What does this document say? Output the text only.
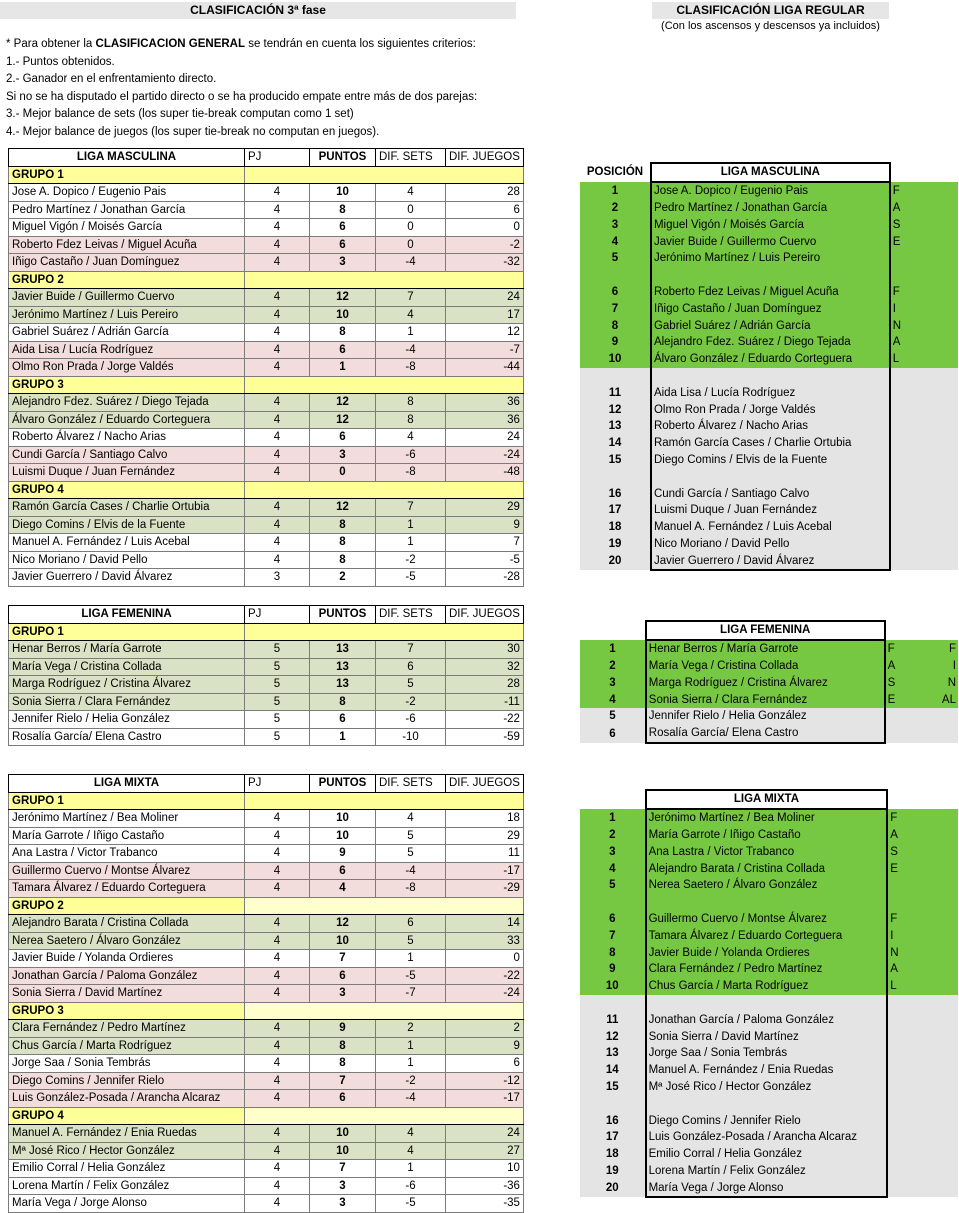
CLASIFICACIÓN 3ª fase	CLASIFICACIÓN LIGA REGULAR
(Con los ascensos y descensos ya incluidos)
* Para obtener la CLASIFICACION GENERAL se tendrán en cuenta los siguientes criterios:
1.- Puntos obtenidos.
2.- Ganador en el enfrentamiento directo.
Si no se ha disputado el partido directo o se ha producido empate entre más de dos parejas:
3.- Mejor balance de sets (los super tie-break computan como 1 set)
4.- Mejor balance de juegos (los super tie-break no computan en juegos).
LIGA MASCULINA	PJ	PUNTOS	DIF. SETS	DIF. JUEGOS
GRUPO 1				
Jose A. Dopico / Eugenio Pais	4	10	4	28
Pedro Martínez / Jonathan García	4	8	0	6
Miguel Vigón / Moisés García	4	6	0	0
Roberto Fdez Leivas / Miguel Acuña	4	6	0	-2
Iñigo Castaño / Juan Domínguez	4	3	-4	-32
GRUPO 2				
Javier Buide / Guillermo Cuervo	4	12	7	24
Jerónimo Martínez / Luis Pereiro	4	10	4	17
Gabriel Suárez / Adrián García	4	8	1	12
Aida Lisa / Lucía Rodríguez	4	6	-4	-7
Olmo Ron Prada / Jorge Valdés	4	1	-8	-44
GRUPO 3				
Alejandro Fdez. Suárez / Diego Tejada	4	12	8	36
Álvaro González / Eduardo Corteguera	4	12	8	36
Roberto Álvarez / Nacho Arias	4	6	4	24
Cundi García / Santiago Calvo	4	3	-6	-24
Luismi Duque / Juan Fernández	4	0	-8	-48
GRUPO 4				
Ramón García Cases / Charlie Ortubia	4	12	7	29
Diego Comins / Elvis de la Fuente	4	8	1	9
Manuel A. Fernández / Luis Acebal	4	8	1	7
Nico Moriano / David Pello	4	8	-2	-5
Javier Guerrero / David Álvarez	3	2	-5	-28
LIGA FEMENINA	PJ	PUNTOS	DIF. SETS	DIF. JUEGOS
GRUPO 1				
Henar Berros / María Garrote	5	13	7	30
María Vega / Cristina Collada	5	13	6	32
Marga Rodríguez / Cristina Álvarez	5	13	5	28
Sonia Sierra / Clara Fernández	5	8	-2	-11
Jennifer Rielo / Helia González	5	6	-6	-22
Rosalía García/ Elena Castro	5	1	-10	-59
LIGA MIXTA	PJ	PUNTOS	DIF. SETS	DIF. JUEGOS
GRUPO 1				
Jerónimo Martínez / Bea Moliner	4	10	4	18
María Garrote / Iñigo Castaño	4	10	5	29
Ana Lastra / Victor Trabanco	4	9	5	11
Guillermo Cuervo / Montse Álvarez	4	6	-4	-17
Tamara Álvarez / Eduardo Corteguera	4	4	-8	-29
GRUPO 2				
Alejandro Barata / Cristina Collada	4	12	6	14
Nerea Saetero / Álvaro González	4	10	5	33
Javier Buide / Yolanda Ordieres	4	7	1	0
Jonathan García / Paloma González	4	6	-5	-22
Sonia Sierra / David Martínez	4	3	-7	-24
GRUPO 3				
Clara Fernández / Pedro Martínez	4	9	2	2
Chus García / Marta Rodríguez	4	8	1	9
Jorge Saa / Sonia Tembrás	4	8	1	6
Diego Comins / Jennifer Rielo	4	7	-2	-12
Luis González-Posada / Arancha Alcaraz	4	6	-4	-17
GRUPO 4				
Manuel A. Fernández / Enia Ruedas	4	10	4	24
Mª José Rico / Hector González	4	10	4	27
Emilio Corral / Helia González	4	7	1	10
Lorena Martín / Felix González	4	3	-6	-36
María Vega / Jorge Alonso	4	3	-5	-35
POSICIÓN	LIGA MASCULINA		
1	Jose A. Dopico / Eugenio Pais	F	
2	Pedro Martínez / Jonathan García	A	
3	Miguel Vigón / Moisés García	S	
4	Javier Buide / Guillermo Cuervo	E	
5	Jerónimo Martínez / Luis Pereiro		

6	Roberto Fdez Leivas / Miguel Acuña	F	
7	Iñigo Castaño / Juan Domínguez	I	
8	Gabriel Suárez / Adrián García	N	
9	Alejandro Fdez. Suárez / Diego Tejada	A	
10	Álvaro González / Eduardo Corteguera	L	

11	Aida Lisa / Lucía Rodríguez		
12	Olmo Ron Prada / Jorge Valdés		
13	Roberto Álvarez / Nacho Arias		
14	Ramón García Cases / Charlie Ortubia		
15	Diego Comins / Elvis de la Fuente		

16	Cundi García / Santiago Calvo		
17	Luismi Duque / Juan Fernández		
18	Manuel A. Fernández / Luis Acebal		
19	Nico Moriano / David Pello		
20	Javier Guerrero / David Álvarez		
	LIGA FEMENINA		
1	Henar Berros / María Garrote	F	F
2	María Vega / Cristina Collada	A	I
3	Marga Rodríguez / Cristina Álvarez	S	N
4	Sonia Sierra / Clara Fernández	E	AL
5	Jennifer Rielo / Helia González		
6	Rosalía García/ Elena Castro		
	LIGA MIXTA		
1	Jerónimo Martínez / Bea Moliner	F	
2	María Garrote / Iñigo Castaño	A	
3	Ana Lastra / Victor Trabanco	S	
4	Alejandro Barata / Cristina Collada	E	
5	Nerea Saetero / Álvaro González		

6	Guillermo Cuervo / Montse Álvarez	F	
7	Tamara Álvarez / Eduardo Corteguera	I	
8	Javier Buide / Yolanda Ordieres	N	
9	Clara Fernández / Pedro Martínez	A	
10	Chus García / Marta Rodríguez	L	

11	Jonathan García / Paloma González		
12	Sonia Sierra / David Martínez		
13	Jorge Saa / Sonia Tembrás		
14	Manuel A. Fernández / Enia Ruedas		
15	Mª José Rico / Hector González		

16	Diego Comins / Jennifer Rielo		
17	Luis González-Posada / Arancha Alcaraz		
18	Emilio Corral / Helia González		
19	Lorena Martín / Felix González		
20	María Vega / Jorge Alonso		
